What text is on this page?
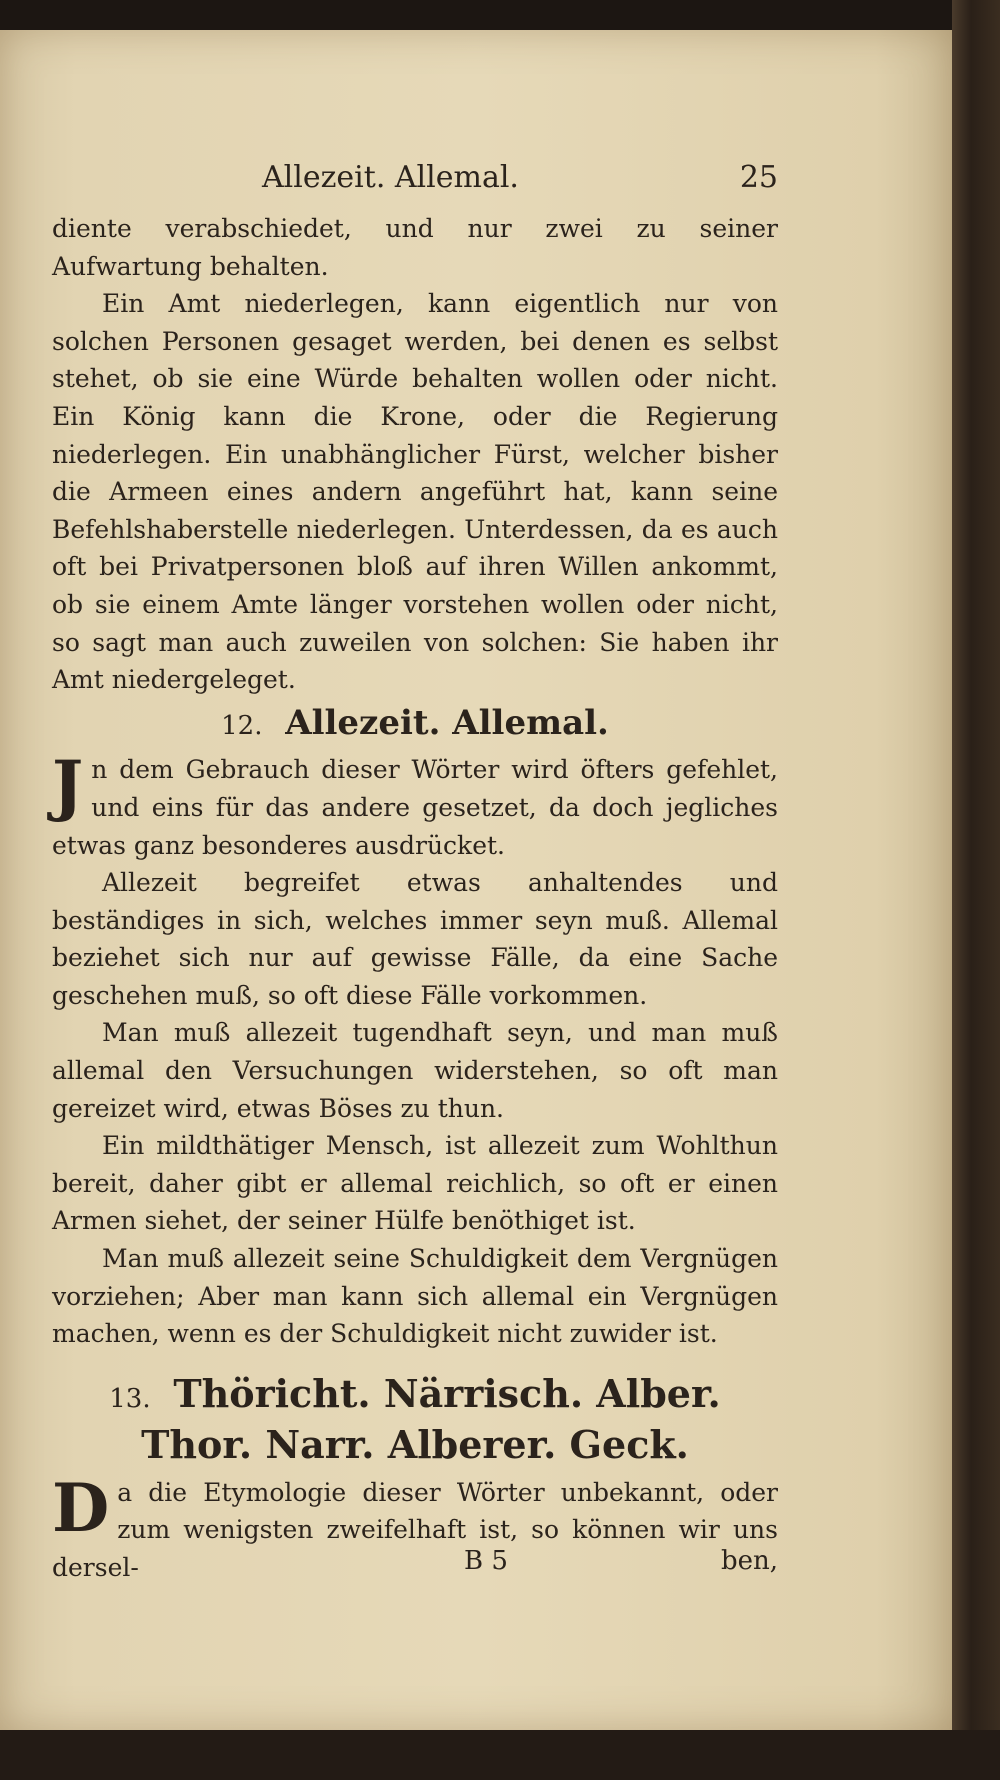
Allezeit. Allemal.	25

diente verabschiedet, und nur zwei zu seiner Aufwartung behalten.

Ein Amt niederlegen, kann eigentlich nur von solchen Personen gesaget werden, bei denen es selbst stehet, ob sie eine Würde behalten wollen oder nicht. Ein König kann die Krone, oder die Regierung niederlegen. Ein unabhänglicher Fürst, welcher bisher die Armeen eines andern angeführt hat, kann seine Befehlshaberstelle niederlegen. Unterdessen, da es auch oft bei Privatpersonen bloß auf ihren Willen ankommt, ob sie einem Amte länger vorstehen wollen oder nicht, so sagt man auch zuweilen von solchen: Sie haben ihr Amt niedergeleget.

12. Allezeit. Allemal.

J n dem Gebrauch dieser Wörter wird öfters gefehlet, und eins für das andere gesetzet, da doch jegliches etwas ganz besonderes ausdrücket.

Allezeit begreifet etwas anhaltendes und beständiges in sich, welches immer seyn muß. Allemal beziehet sich nur auf gewisse Fälle, da eine Sache geschehen muß, so oft diese Fälle vorkommen.

Man muß allezeit tugendhaft seyn, und man muß allemal den Versuchungen widerstehen, so oft man gereizet wird, etwas Böses zu thun.

Ein mildthätiger Mensch, ist allezeit zum Wohlthun bereit, daher gibt er allemal reichlich, so oft er einen Armen siehet, der seiner Hülfe benöthiget ist.

Man muß allezeit seine Schuldigkeit dem Vergnügen vorziehen; Aber man kann sich allemal ein Vergnügen machen, wenn es der Schuldigkeit nicht zuwider ist.

13. Thöricht. Närrisch. Alber.
Thor. Narr. Alberer. Geck.

D a die Etymologie dieser Wörter unbekannt, oder zum wenigsten zweifelhaft ist, so können wir uns dersel-	B 5	ben,
